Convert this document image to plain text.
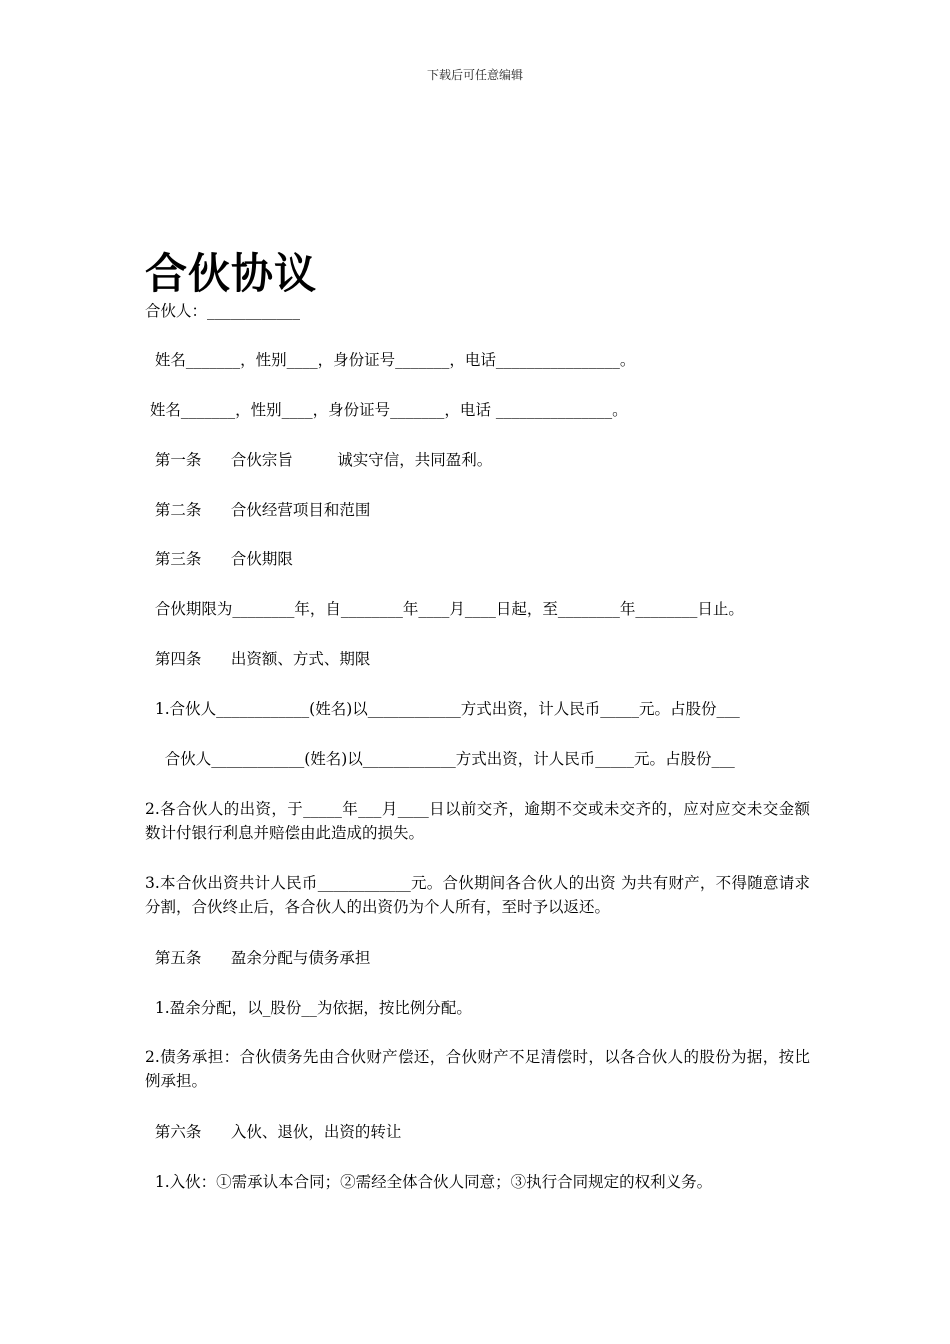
下载后可任意编辑
合伙协议
合伙人：____________
姓名_______，性别____，身份证号_______，电话________________。
姓名_______，性别____，身份证号_______，电话 _______________。
第一条      合伙宗旨         诚实守信，共同盈利。
第二条      合伙经营项目和范围
第三条      合伙期限
合伙期限为________年，自________年____月____日起，至________年________日止。
第四条      出资额、方式、期限
1.合伙人____________(姓名)以____________方式出资，计人民币_____元。占股份___
合伙人____________(姓名)以____________方式出资，计人民币_____元。占股份___
2.各合伙人的出资，于_____年___月____日以前交齐，逾期不交或未交齐的，应对应交未交金额数计付银行利息并赔偿由此造成的损失。
3.本合伙出资共计人民币____________元。合伙期间各合伙人的出资 为共有财产，不得随意请求分割，合伙终止后，各合伙人的出资仍为个人所有，至时予以返还。
第五条      盈余分配与债务承担
1.盈余分配，以_股份__为依据，按比例分配。
2.债务承担：合伙债务先由合伙财产偿还，合伙财产不足清偿时，以各合伙人的股份为据，按比例承担。
第六条      入伙、退伙，出资的转让
1.入伙：①需承认本合同；②需经全体合伙人同意；③执行合同规定的权利义务。
